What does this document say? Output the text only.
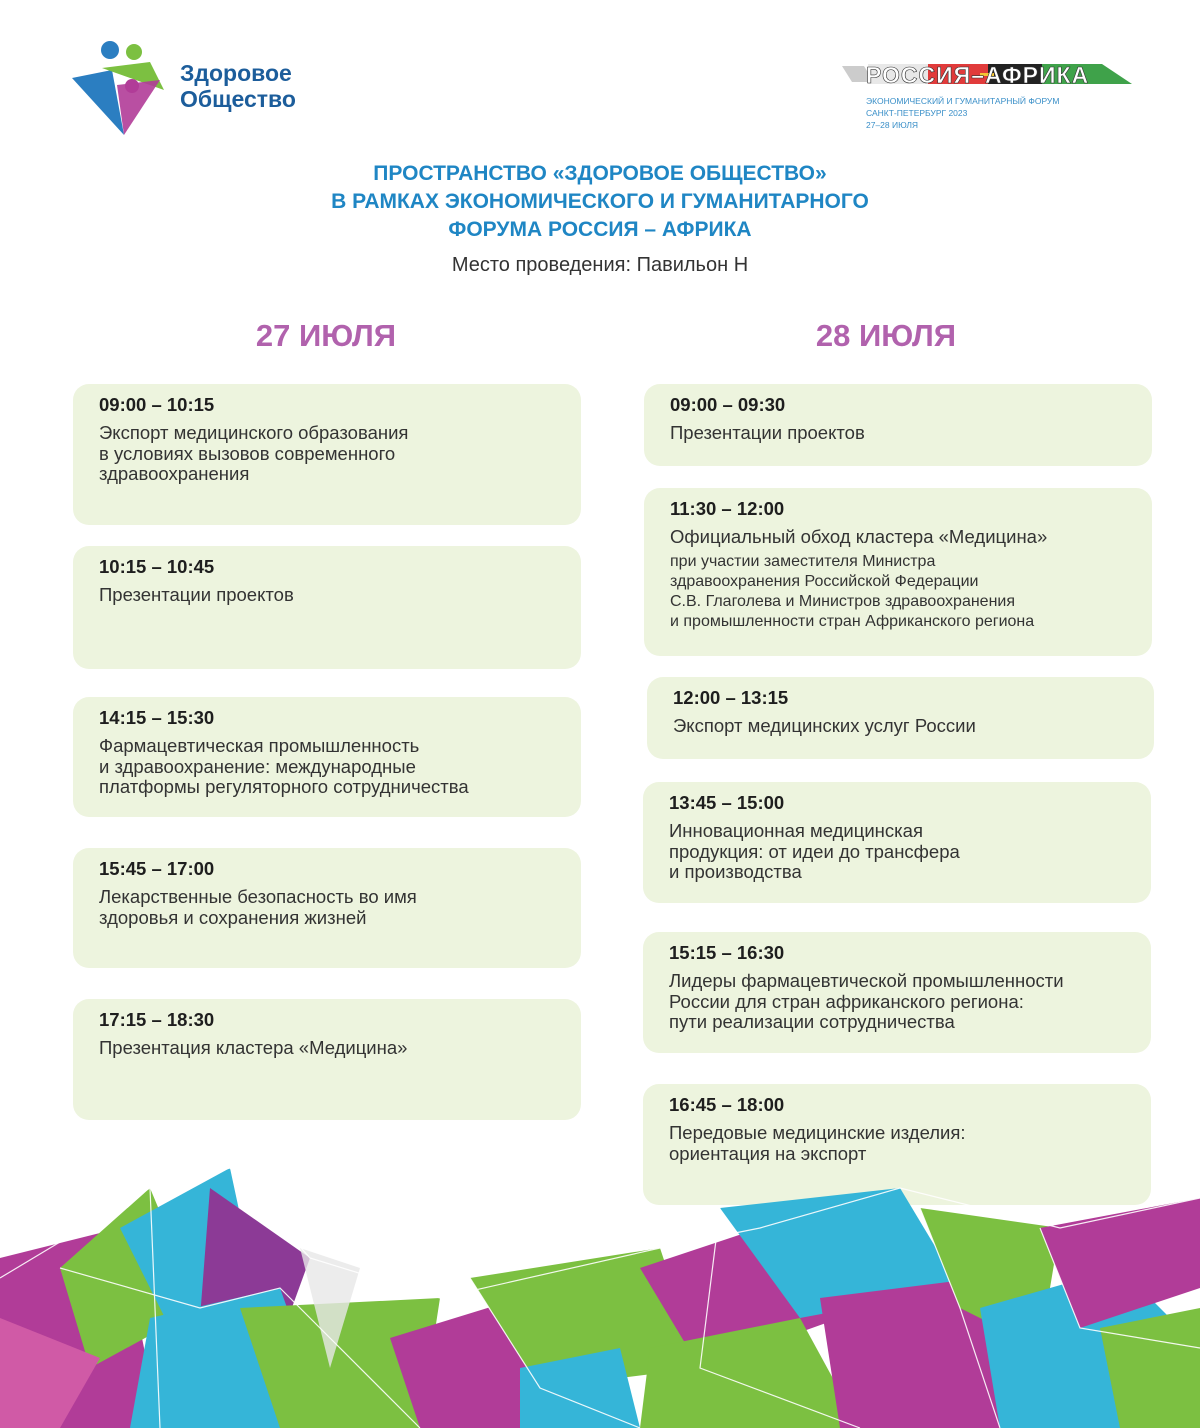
Здоровое
Общество
РОССИЯ–АФРИКА
ЭКОНОМИЧЕСКИЙ И ГУМАНИТАРНЫЙ ФОРУМ
САНКТ-ПЕТЕРБУРГ 2023
27–28 ИЮЛЯ
ПРОСТРАНСТВО «ЗДОРОВОЕ ОБЩЕСТВО»
В РАМКАХ ЭКОНОМИЧЕСКОГО И ГУМАНИТАРНОГО
ФОРУМА РОССИЯ – АФРИКА
Место проведения: Павильон Н
27 ИЮЛЯ	28 ИЮЛЯ
09:00 – 10:15
Экспорт медицинского образования
в условиях вызовов современного
здравоохранения
10:15 – 10:45
Презентации проектов
14:15 – 15:30
Фармацевтическая промышленность
и здравоохранение: международные
платформы регуляторного сотрудничества
15:45 – 17:00
Лекарственные безопасность во имя
здоровья и сохранения жизней
17:15 – 18:30
Презентация кластера «Медицина»
09:00 – 09:30
Презентации проектов
11:30 – 12:00
Официальный обход кластера «Медицина»
при участии заместителя Министра
здравоохранения Российской Федерации
С.В. Глаголева и Министров здравоохранения
и промышленности стран Африканского региона
12:00 – 13:15
Экспорт медицинских услуг России
13:45 – 15:00
Инновационная медицинская
продукция: от идеи до трансфера
и производства
15:15 – 16:30
Лидеры фармацевтической промышленности
России для стран африканского региона:
пути реализации сотрудничества
16:45 – 18:00
Передовые медицинские изделия:
ориентация на экспорт
